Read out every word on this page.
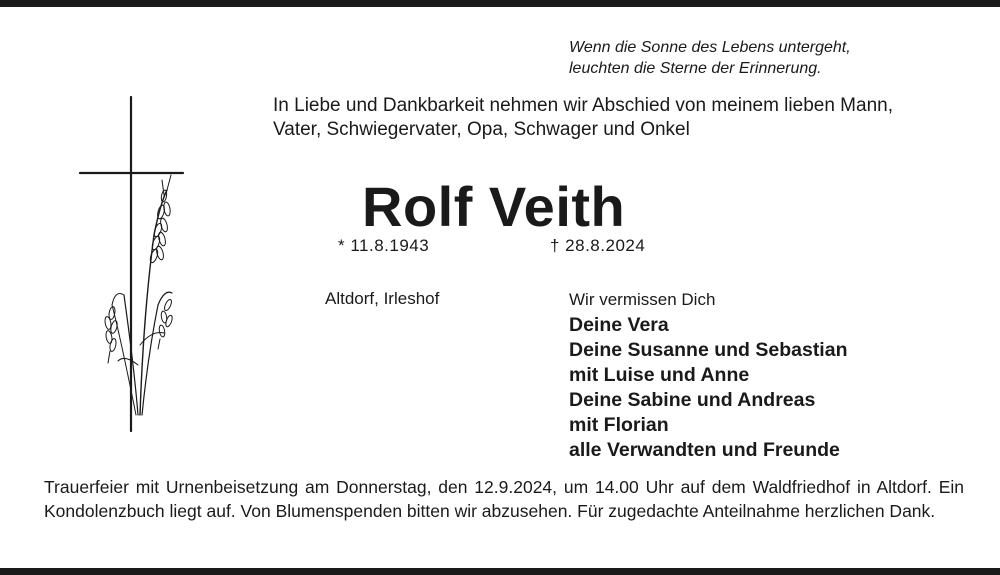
Wenn die Sonne des Lebens untergeht,
leuchten die Sterne der Erinnerung.
In Liebe und Dankbarkeit nehmen wir Abschied von meinem lieben Mann,
Vater, Schwiegervater, Opa, Schwager und Onkel
Rolf Veith
* 11.8.1943	† 28.8.2024
Altdorf, Irleshof	Wir vermissen Dich
Deine Vera
Deine Susanne und Sebastian
mit Luise und Anne
Deine Sabine und Andreas
mit Florian
alle Verwandten und Freunde
Trauerfeier mit Urnenbeisetzung am Donnerstag, den 12.9.2024, um 14.00 Uhr auf dem Waldfriedhof in Altdorf. Ein Kondolenzbuch liegt auf. Von Blumenspenden bitten wir abzusehen. Für zugedachte Anteilnahme herzlichen Dank.
